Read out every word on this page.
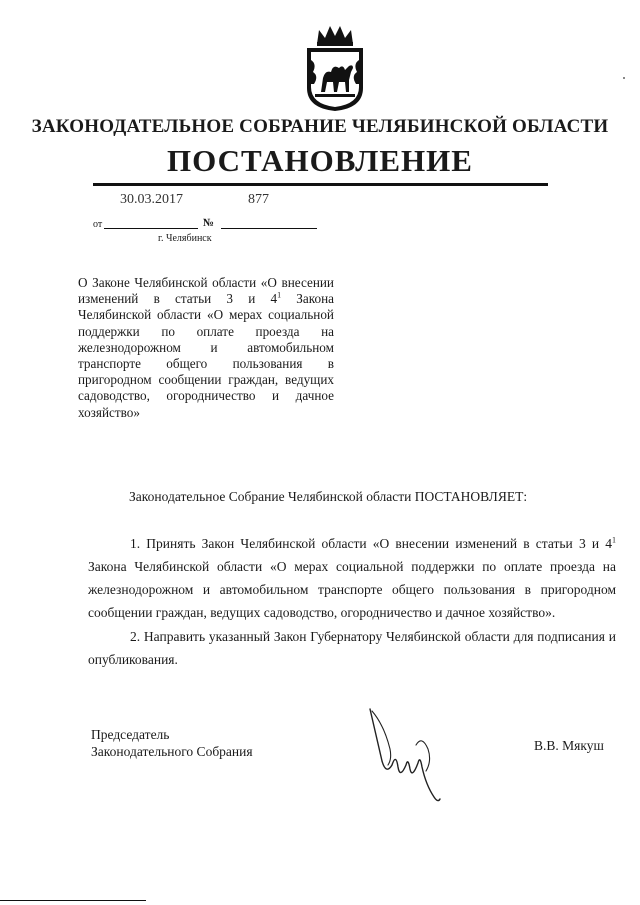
ЗАКОНОДАТЕЛЬНОЕ СОБРАНИЕ ЧЕЛЯБИНСКОЙ ОБЛАСТИ
ПОСТАНОВЛЕНИЕ
30.03.2017	877
от	№
г. Челябинск
О Законе Челябинской области «О внесении изменений в статьи 3 и $4^1$ Закона Челябинской области «О мерах социальной поддержки по оплате проезда на железнодорожном и автомобильном транспорте общего пользования в пригородном сообщении граждан, ведущих садоводство, огородничество и дачное хозяйство»
Законодательное Собрание Челябинской области ПОСТАНОВЛЯЕТ:
1. Принять Закон Челябинской области «О внесении изменений в статьи 3 и $4^1$ Закона Челябинской области «О мерах социальной поддержки по оплате проезда на железнодорожном и автомобильном транспорте общего пользования в пригородном сообщении граждан, ведущих садоводство, огородничество и дачное хозяйство».
2. Направить указанный Закон Губернатору Челябинской области для подписания и опубликования.
Председатель
Законодательного Собрания	В.В. Мякуш
